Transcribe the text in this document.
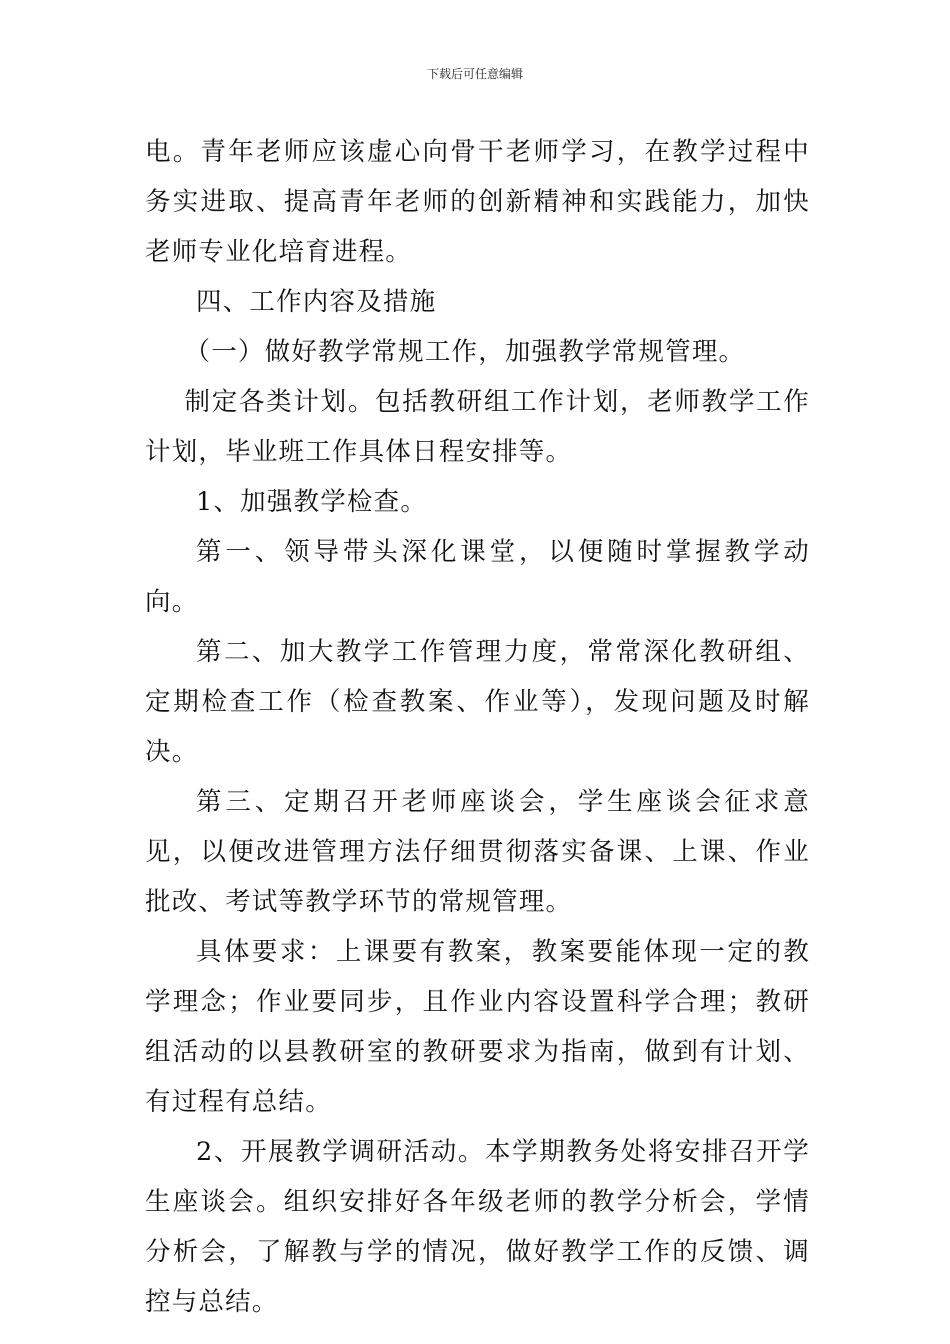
下载后可任意编辑

电。青年老师应该虚心向骨干老师学习，在教学过程中务实进取、提高青年老师的创新精神和实践能力，加快老师专业化培育进程。

四、工作内容及措施

（一）做好教学常规工作，加强教学常规管理。

制定各类计划。包括教研组工作计划，老师教学工作计划，毕业班工作具体日程安排等。

1、加强教学检查。

第一、领导带头深化课堂，以便随时掌握教学动向。

第二、加大教学工作管理力度，常常深化教研组、定期检查工作（检查教案、作业等），发现问题及时解决。

第三、定期召开老师座谈会，学生座谈会征求意见，以便改进管理方法仔细贯彻落实备课、上课、作业批改、考试等教学环节的常规管理。

具体要求：上课要有教案，教案要能体现一定的教学理念；作业要同步，且作业内容设置科学合理；教研组活动的以县教研室的教研要求为指南，做到有计划、有过程有总结。

2、开展教学调研活动。本学期教务处将安排召开学生座谈会。组织安排好各年级老师的教学分析会，学情分析会，了解教与学的情况，做好教学工作的反馈、调控与总结。
